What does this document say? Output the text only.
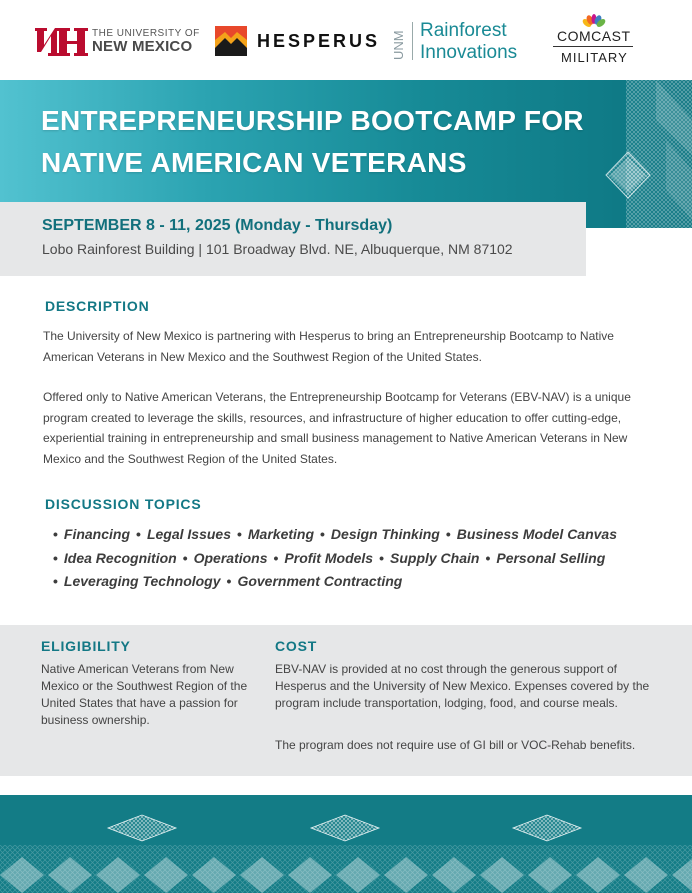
THE UNIVERSITY OF
NEW MEXICO	HESPERUS UNM Rainforest
Innovations
COMCAST
MILITARY
ENTREPRENEURSHIP BOOTCAMP FOR
NATIVE AMERICAN VETERANS
SEPTEMBER 8 - 11, 2025 (Monday - Thursday)
Lobo Rainforest Building | 101 Broadway Blvd. NE, Albuquerque, NM 87102
DESCRIPTION
The University of New Mexico is partnering with Hesperus to bring an Entrepreneurship Bootcamp to Native American Veterans in New Mexico and the Southwest Region of the United States.
Offered only to Native American Veterans, the Entrepreneurship Bootcamp for Veterans (EBV-NAV) is a unique program created to leverage the skills, resources, and infrastructure of higher education to offer cutting-edge, experiential training in entrepreneurship and small business management to Native American Veterans in New Mexico and the Southwest Region of the United States.
DISCUSSION TOPICS
• Financing • Legal Issues • Marketing • Design Thinking • Business Model Canvas
• Idea Recognition • Operations • Profit Models • Supply Chain • Personal Selling
• Leveraging Technology • Government Contracting
ELIGIBILITY
Native American Veterans from New Mexico or the Southwest Region of the United States that have a passion for business ownership.
COST
EBV-NAV is provided at no cost through the generous support of Hesperus and the University of New Mexico. Expenses covered by the program include transportation, lodging, food, and course meals.
The program does not require use of GI bill or VOC-Rehab benefits.
